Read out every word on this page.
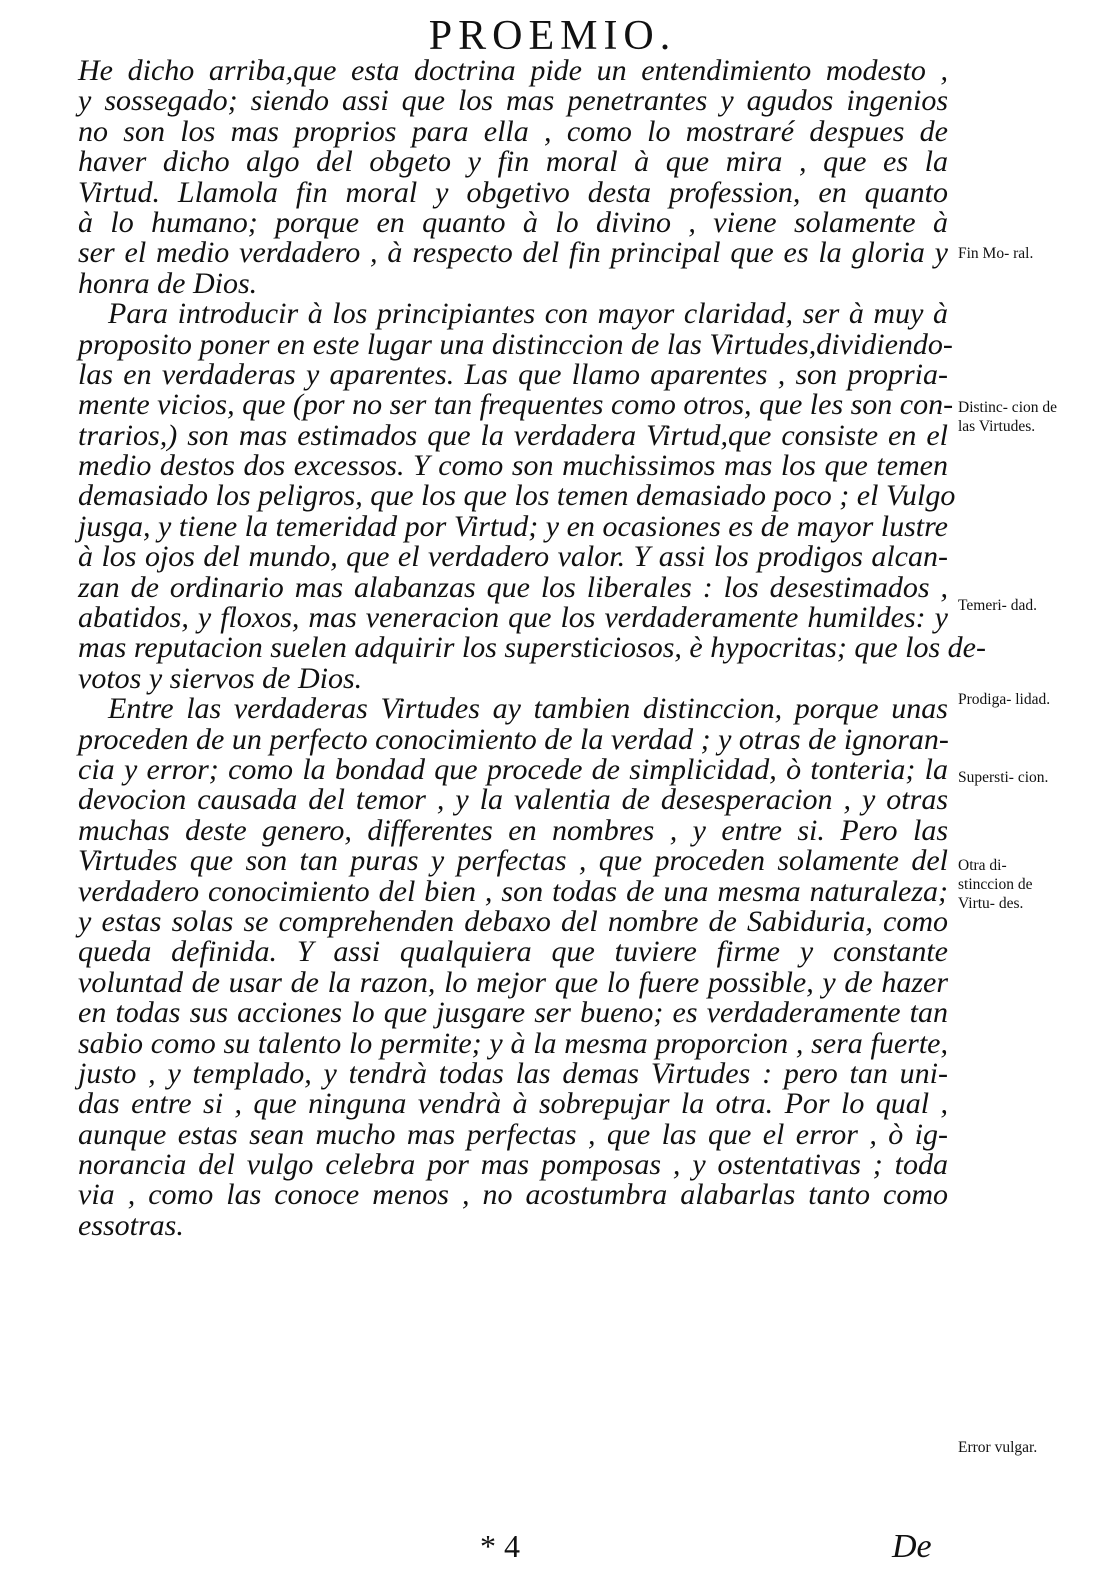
PROEMIO.
He dicho arriba,que esta doctrina pide un entendimiento modesto ,
y sossegado; siendo assi que los mas penetrantes y agudos ingenios
no son los mas proprios para ella , como lo mostraré despues de
haver dicho algo del obgeto y fin moral à que mira , que es la
Virtud. Llamola fin moral y obgetivo desta profession, en quanto
à lo humano; porque en quanto à lo divino , viene solamente à
ser el medio verdadero , à respecto del fin principal que es la gloria y
honra de Dios.
Para introducir à los principiantes con mayor claridad, ser à muy à
proposito poner en este lugar una distinccion de las Virtudes,dividiendo-
las en verdaderas y aparentes. Las que llamo aparentes , son propria-
mente vicios, que (por no ser tan frequentes como otros, que les son con-
trarios,) son mas estimados que la verdadera Virtud,que consiste en el
medio destos dos excessos. Y como son muchissimos mas los que temen
demasiado los peligros, que los que los temen demasiado poco ; el Vulgo
jusga, y tiene la temeridad por Virtud; y en ocasiones es de mayor lustre
à los ojos del mundo, que el verdadero valor. Y assi los prodigos alcan-
zan de ordinario mas alabanzas que los liberales : los desestimados ,
abatidos, y floxos, mas veneracion que los verdaderamente humildes: y
mas reputacion suelen adquirir los supersticiosos, è hypocritas; que los de-
votos y siervos de Dios.
Entre las verdaderas Virtudes ay tambien distinccion, porque unas
proceden de un perfecto conocimiento de la verdad ; y otras de ignoran-
cia y error; como la bondad que procede de simplicidad, ò tonteria; la
devocion causada del temor , y la valentia de desesperacion , y otras
muchas deste genero, differentes en nombres , y entre si. Pero las
Virtudes que son tan puras y perfectas , que proceden solamente del
verdadero conocimiento del bien , son todas de una mesma naturaleza;
y estas solas se comprehenden debaxo del nombre de Sabiduria, como
queda definida. Y assi qualquiera que tuviere firme y constante
voluntad de usar de la razon, lo mejor que lo fuere possible, y de hazer
en todas sus acciones lo que jusgare ser bueno; es verdaderamente tan
sabio como su talento lo permite; y à la mesma proporcion , sera fuerte,
justo , y templado, y tendrà todas las demas Virtudes : pero tan uni-
das entre si , que ninguna vendrà à sobrepujar la otra. Por lo qual ,
aunque estas sean mucho mas perfectas , que las que el error , ò ig-
norancia del vulgo celebra por mas pomposas , y ostentativas ; toda
via , como las conoce menos , no acostumbra alabarlas tanto como
essotras.
Fin Mo- ral.
Distinc- cion de las Virtudes.
Temeri- dad.
Prodiga- lidad.
Supersti- cion.
Otra di- stinccion de Virtu- des.
Error vulgar.
* 4	De
